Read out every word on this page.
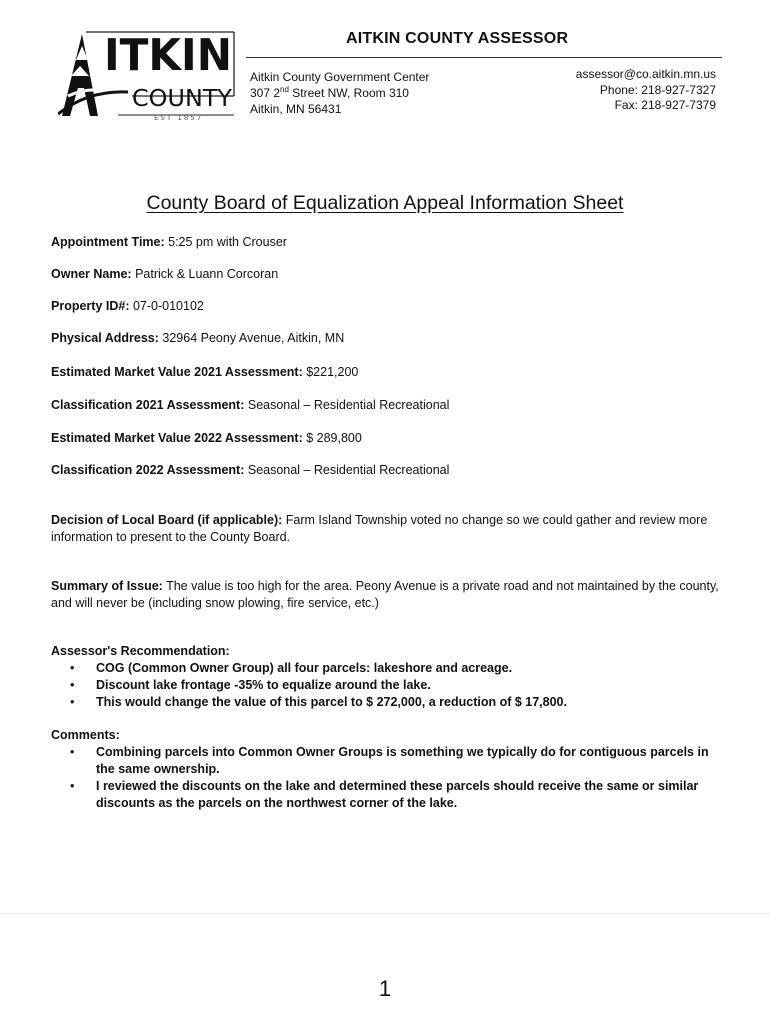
ITKIN
COUNTY
EST 1857
AITKIN COUNTY ASSESSOR
Aitkin County Government Center
307 2nd Street NW, Room 310
Aitkin, MN 56431
assessor@co.aitkin.mn.us
Phone: 218-927-7327
Fax: 218-927-7379
County Board of Equalization Appeal Information Sheet
Appointment Time: 5:25 pm with Crouser
Owner Name: Patrick & Luann Corcoran
Property ID#: 07-0-010102
Physical Address: 32964 Peony Avenue, Aitkin, MN
Estimated Market Value 2021 Assessment: $221,200
Classification 2021 Assessment: Seasonal – Residential Recreational
Estimated Market Value 2022 Assessment: $ 289,800
Classification 2022 Assessment: Seasonal – Residential Recreational
Decision of Local Board (if applicable): Farm Island Township voted no change so we could gather and review more information to present to the County Board.
Summary of Issue: The value is too high for the area. Peony Avenue is a private road and not maintained by the county, and will never be (including snow plowing, fire service, etc.)
Assessor's Recommendation:
• COG (Common Owner Group) all four parcels: lakeshore and acreage.
• Discount lake frontage -35% to equalize around the lake.
• This would change the value of this parcel to $ 272,000, a reduction of $ 17,800.
Comments:
• Combining parcels into Common Owner Groups is something we typically do for contiguous parcels in the same ownership.
• I reviewed the discounts on the lake and determined these parcels should receive the same or similar discounts as the parcels on the northwest corner of the lake.
1
